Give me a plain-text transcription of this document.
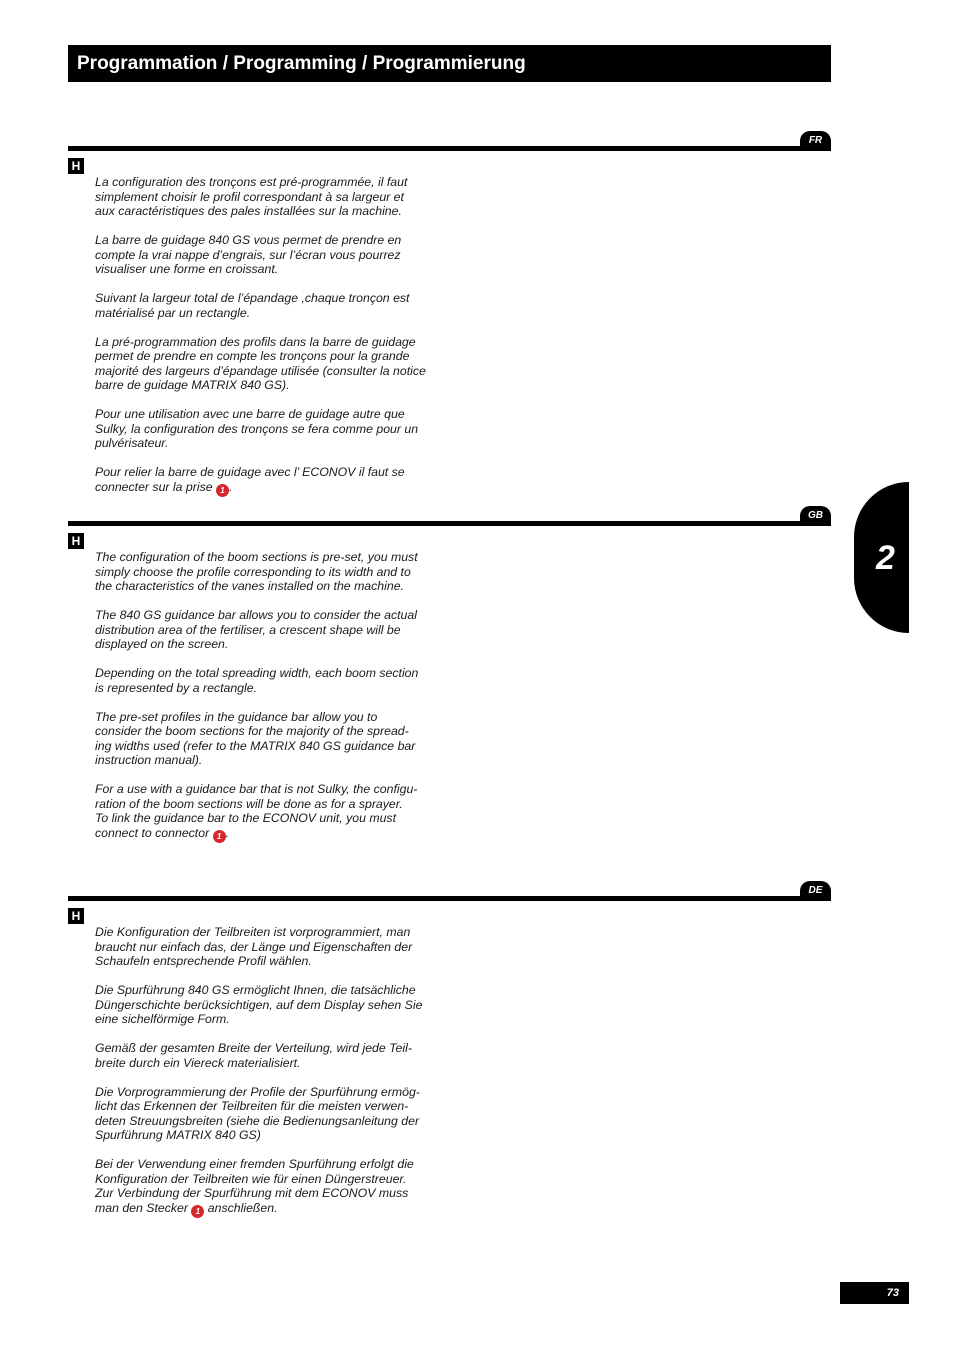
Programmation / Programming / Programmierung
FR
H

La configuration des tronçons est pré-programmée, il faut
simplement choisir le profil correspondant à sa largeur et
aux caractéristiques des pales installées sur la machine.

La barre de guidage 840 GS vous permet de prendre en
compte la vrai nappe d’engrais, sur l’écran vous pourrez
visualiser une forme en croissant.

Suivant la largeur total de l’épandage ,chaque tronçon est
matérialisé par un rectangle.

La pré-programmation des profils dans la barre de guidage
permet de prendre en compte les tronçons pour la grande
majorité des largeurs d’épandage utilisée (consulter la notice
barre de guidage MATRIX 840 GS).

Pour une utilisation avec une barre de guidage autre que
Sulky, la configuration des tronçons se fera comme pour un
pulvérisateur.

Pour relier la barre de guidage avec l’ ECONOV il faut se
connecter sur la prise 1 .

GB
H

The configuration of the boom sections is pre-set, you must
simply choose the profile corresponding to its width and to
the characteristics of the vanes installed on the machine.

The 840 GS guidance bar allows you to consider the actual
distribution area of the fertiliser, a crescent shape will be
displayed on the screen.

Depending on the total spreading width, each boom section
is represented by a rectangle.

The pre-set profiles in the guidance bar allow you to
consider the boom sections for the majority of the spread-
ing widths used (refer to the MATRIX 840 GS guidance bar
instruction manual).

For a use with a guidance bar that is not Sulky, the configu-
ration of the boom sections will be done as for a sprayer.
To link the guidance bar to the ECONOV unit, you must
connect to connector 1 .

DE
H

Die Konfiguration der Teilbreiten ist vorprogrammiert, man
braucht nur einfach das, der Länge und Eigenschaften der
Schaufeln entsprechende Profil wählen.

Die Spurführung 840 GS ermöglicht Ihnen, die tatsächliche
Düngerschichte berücksichtigen, auf dem Display sehen Sie
eine sichelförmige Form.

Gemäß der gesamten Breite der Verteilung, wird jede Teil-
breite durch ein Viereck materialisiert.

Die Vorprogrammierung der Profile der Spurführung ermög-
licht das Erkennen der Teilbreiten für die meisten verwen-
deten Streuungsbreiten (siehe die Bedienungsanleitung der
Spurführung MATRIX 840 GS)

Bei der Verwendung einer fremden Spurführung erfolgt die
Konfiguration der Teilbreiten wie für einen Düngerstreuer.
Zur Verbindung der Spurführung mit dem ECONOV muss
man den Stecker 1 anschließen.

2
73
